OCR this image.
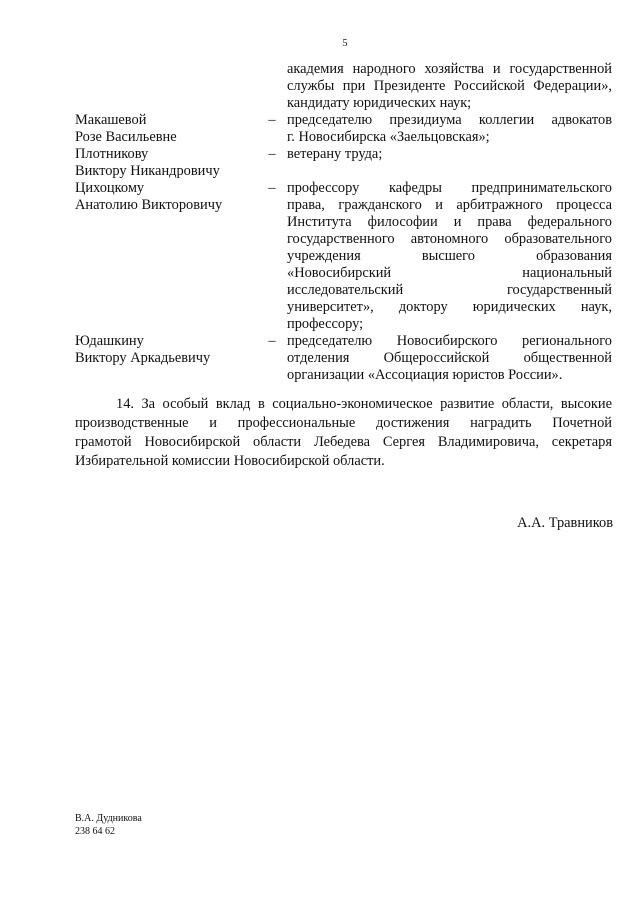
5
академия народного хозяйства и государственной
службы при Президенте Российской Федерации»,
кандидату юридических наук;
Макашевой
Розе Васильевне
– председателю президиума коллегии адвокатов
г. Новосибирска «Заельцовская»;
Плотникову
Виктору Никандровичу
– ветерану труда;

Цихоцкому
Анатолию Викторовичу
– профессору кафедры предпринимательского
права, гражданского и арбитражного процесса
Института философии и права федерального
государственного автономного образовательного
учреждения высшего образования
«Новосибирский национальный
исследовательский государственный
университет», доктору юридических наук,
профессору;
Юдашкину
Виктору Аркадьевичу
– председателю Новосибирского регионального
отделения Общероссийской общественной
организации «Ассоциация юристов России».
14. За особый вклад в социально-экономическое развитие области, высокие
производственные и профессиональные достижения наградить Почетной
грамотой Новосибирской области Лебедева Сергея Владимировича, секретаря
Избирательной комиссии Новосибирской области.
А.А. Травников
В.А. Дудникова
238 64 62
